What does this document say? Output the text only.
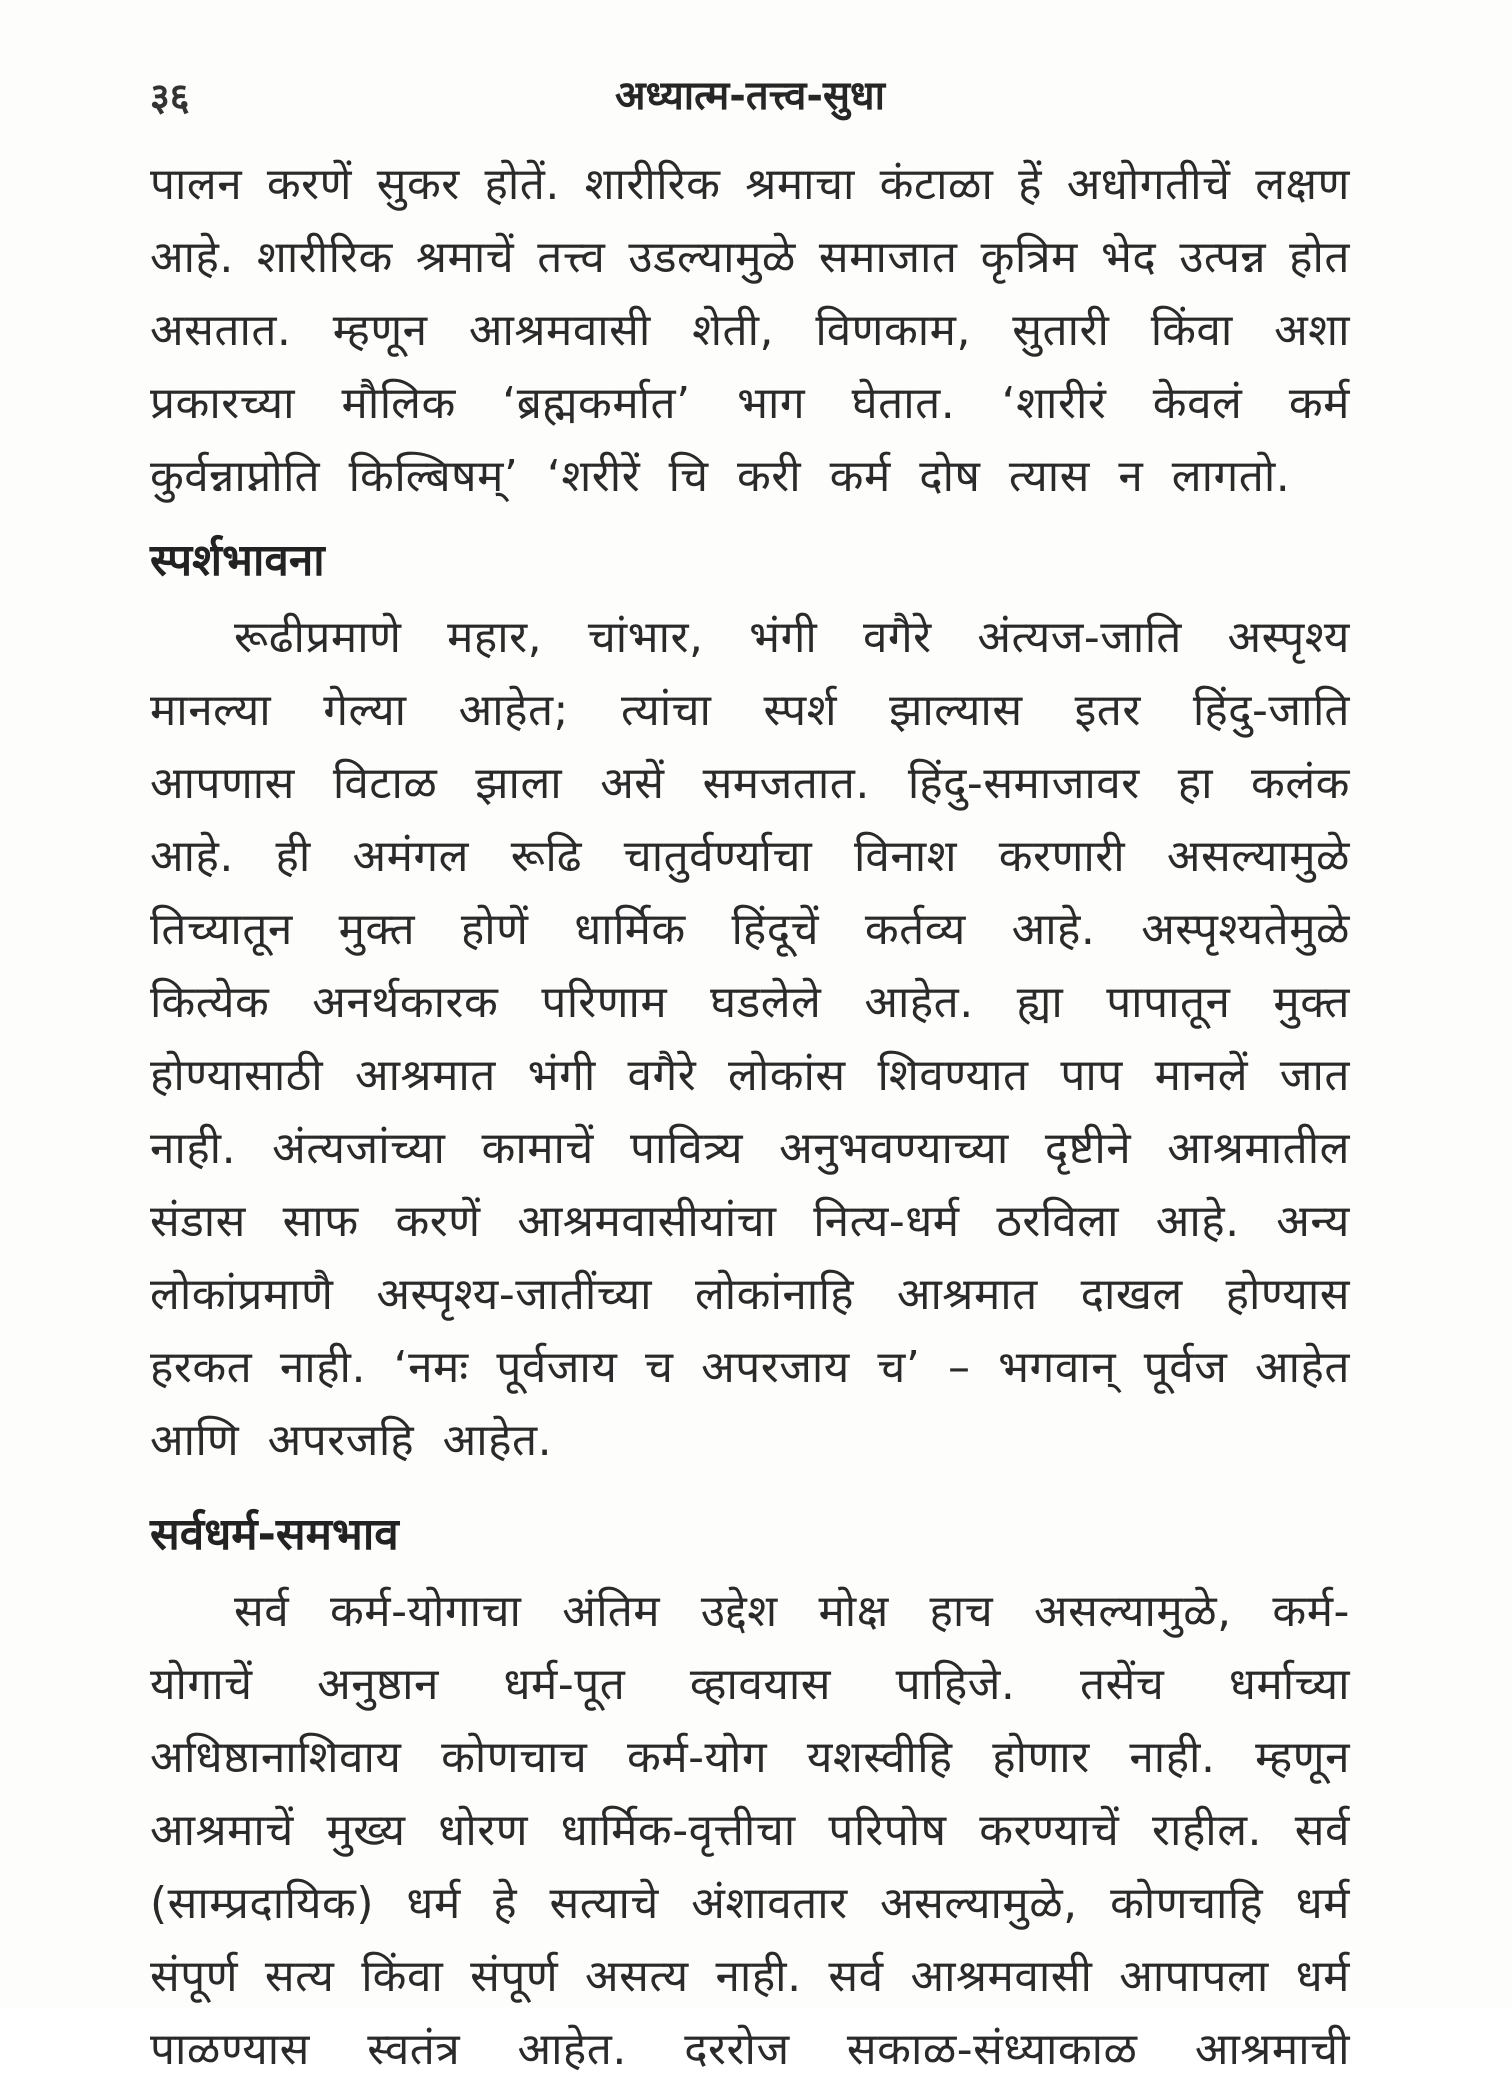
३६	अध्यात्म-तत्त्व-सुधा
पालन करणें सुकर होतें. शारीरिक श्रमाचा कंटाळा हें अधोगतीचें लक्षण
आहे. शारीरिक श्रमाचें तत्त्व उडल्यामुळे समाजात कृत्रिम भेद उत्पन्न होत
असतात. म्हणून आश्रमवासी शेती, विणकाम, सुतारी किंवा अशा
प्रकारच्या मौलिक ‘ब्रह्मकर्मात’ भाग घेतात. ‘शारीरं केवलं कर्म
कुर्वन्नाप्नोति किल्बिषम्’ ‘शरीरें चि करी कर्म दोष त्यास न लागतो.
स्पर्शभावना
रूढीप्रमाणे महार, चांभार, भंगी वगैरे अंत्यज-जाति अस्पृश्य
मानल्या गेल्या आहेत; त्यांचा स्पर्श झाल्यास इतर हिंदु-जाति
आपणास विटाळ झाला असें समजतात. हिंदु-समाजावर हा कलंक
आहे. ही अमंगल रूढि चातुर्वर्ण्याचा विनाश करणारी असल्यामुळे
तिच्यातून मुक्त होणें धार्मिक हिंदूचें कर्तव्य आहे. अस्पृश्यतेमुळे
कित्येक अनर्थकारक परिणाम घडलेले आहेत. ह्या पापातून मुक्त
होण्यासाठी आश्रमात भंगी वगैरे लोकांस शिवण्यात पाप मानलें जात
नाही. अंत्यजांच्या कामाचें पावित्र्य अनुभवण्याच्या दृष्टीने आश्रमातील
संडास साफ करणें आश्रमवासीयांचा नित्य-धर्म ठरविला आहे. अन्य
लोकांप्रमाणै अस्पृश्य-जातींच्या लोकांनाहि आश्रमात दाखल होण्यास
हरकत नाही. ‘नमः पूर्वजाय च अपरजाय च’ – भगवान् पूर्वज आहेत
आणि अपरजहि आहेत.
सर्वधर्म-समभाव
सर्व कर्म-योगाचा अंतिम उद्देश मोक्ष हाच असल्यामुळे, कर्म-
योगाचें अनुष्ठान धर्म-पूत व्हावयास पाहिजे. तसेंच धर्माच्या
अधिष्ठानाशिवाय कोणचाच कर्म-योग यशस्वीहि होणार नाही. म्हणून
आश्रमाचें मुख्य धोरण धार्मिक-वृत्तीचा परिपोष करण्याचें राहील. सर्व
(साम्प्रदायिक) धर्म हे सत्याचे अंशावतार असल्यामुळे, कोणचाहि धर्म
संपूर्ण सत्य किंवा संपूर्ण असत्य नाही. सर्व आश्रमवासी आपापला धर्म
पाळण्यास स्वतंत्र आहेत. दररोज सकाळ-संध्याकाळ आश्रमाची
